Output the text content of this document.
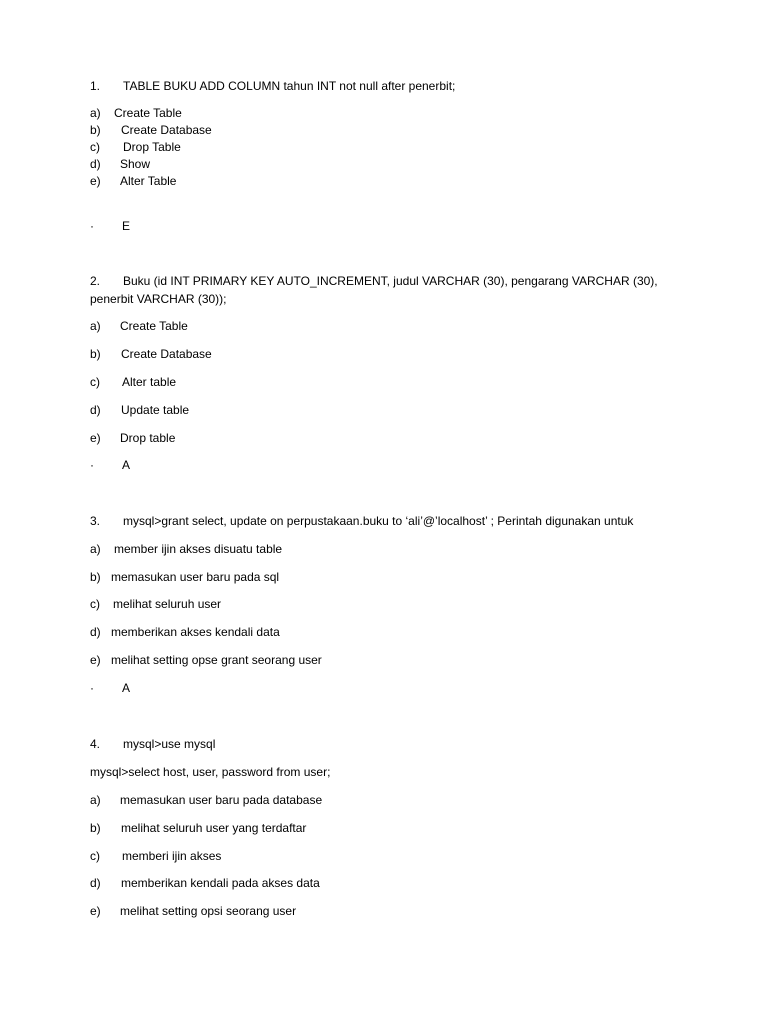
1. TABLE BUKU ADD COLUMN tahun INT not null after penerbit;
a) Create Table
b) Create Database
c) Drop Table
d) Show
e) Alter Table
· E
2. Buku (id INT PRIMARY KEY AUTO_INCREMENT, judul VARCHAR (30), pengarang VARCHAR (30),
penerbit VARCHAR (30));
a) Create Table
b) Create Database
c) Alter table
d) Update table
e) Drop table
· A
3. mysql>grant select, update on perpustakaan.buku to ‘ali’@’localhost’ ; Perintah digunakan untuk
a) member ijin akses disuatu table
b) memasukan user baru pada sql
c) melihat seluruh user
d) memberikan akses kendali data
e) melihat setting opse grant seorang user
· A
4. mysql>use mysql
mysql>select host, user, password from user;
a) memasukan user baru pada database
b) melihat seluruh user yang terdaftar
c) memberi ijin akses
d) memberikan kendali pada akses data
e) melihat setting opsi seorang user
